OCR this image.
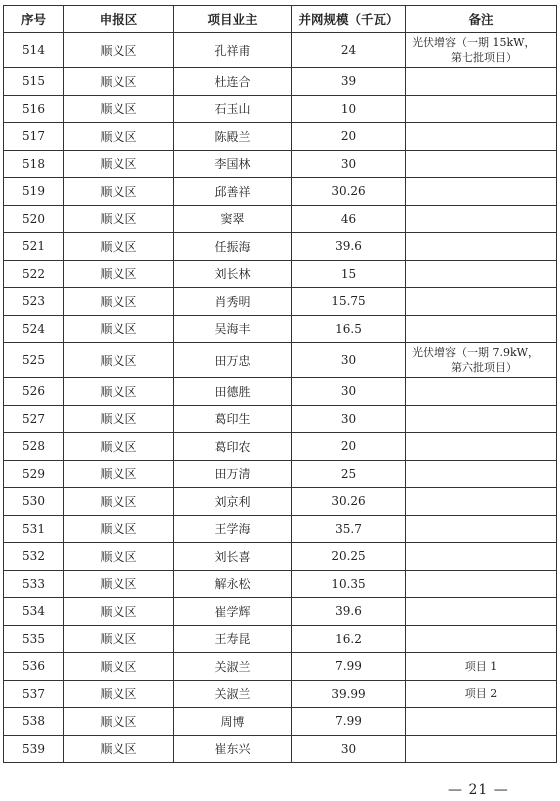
序号	申报区	项目业主	并网规模（千瓦）	备注
514	顺义区	孔祥甫	24	光伏增容（一期 15kW，
第七批项目）

515	顺义区	杜连合	39	

516	顺义区	石玉山	10	

517	顺义区	陈殿兰	20	

518	顺义区	李国林	30	

519	顺义区	邱善祥	30.26	

520	顺义区	窦翠	46	

521	顺义区	任振海	39.6	

522	顺义区	刘长林	15	

523	顺义区	肖秀明	15.75	

524	顺义区	吴海丰	16.5	

525	顺义区	田万忠	30	光伏增容（一期 7.9kW，
第六批项目）

526	顺义区	田德胜	30	

527	顺义区	葛印生	30	

528	顺义区	葛印农	20	

529	顺义区	田万清	25	

530	顺义区	刘京利	30.26	

531	顺义区	王学海	35.7	

532	顺义区	刘长喜	20.25	

533	顺义区	解永松	10.35	

534	顺义区	崔学辉	39.6	

535	顺义区	王寿昆	16.2	

536	顺义区	关淑兰	7.99	项目 1

537	顺义区	关淑兰	39.99	项目 2

538	顺义区	周博	7.99	

539	顺义区	崔东兴	30	
— 21 —
